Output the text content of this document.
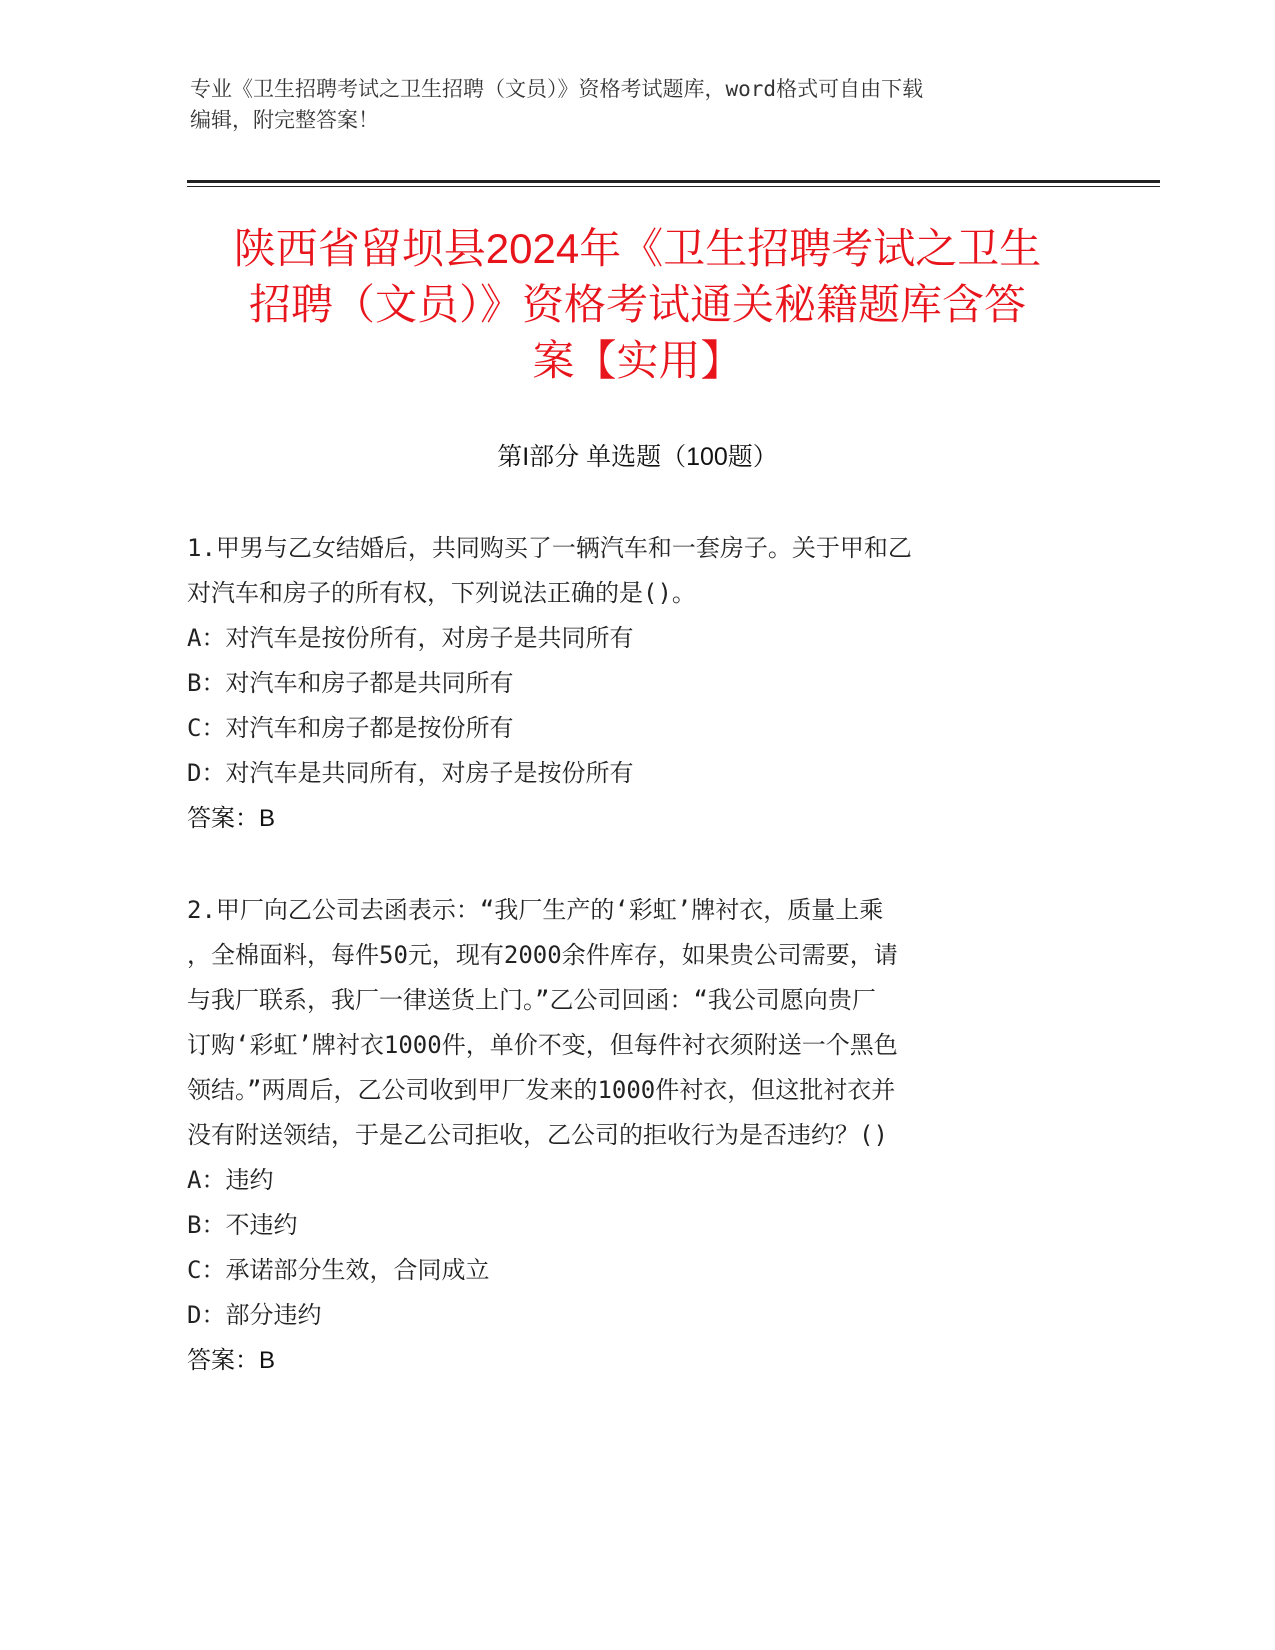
专业《卫生招聘考试之卫生招聘（文员）》资格考试题库，word格式可自由下载
编辑，附完整答案！
陕西省留坝县2024年《卫生招聘考试之卫生
招聘（文员）》资格考试通关秘籍题库含答
案【实用】
第I部分 单选题（100题）
1.甲男与乙女结婚后，共同购买了一辆汽车和一套房子。关于甲和乙
对汽车和房子的所有权，下列说法正确的是()。
A：对汽车是按份所有，对房子是共同所有
B：对汽车和房子都是共同所有
C：对汽车和房子都是按份所有
D：对汽车是共同所有，对房子是按份所有
答案：B
2.甲厂向乙公司去函表示：“我厂生产的‘彩虹’牌衬衣，质量上乘
，全棉面料，每件50元，现有2000余件库存，如果贵公司需要，请
与我厂联系，我厂一律送货上门。”乙公司回函：“我公司愿向贵厂
订购‘彩虹’牌衬衣1000件，单价不变，但每件衬衣须附送一个黑色
领结。”两周后，乙公司收到甲厂发来的1000件衬衣，但这批衬衣并
没有附送领结，于是乙公司拒收，乙公司的拒收行为是否违约？()
A：违约
B：不违约
C：承诺部分生效，合同成立
D：部分违约
答案：B
